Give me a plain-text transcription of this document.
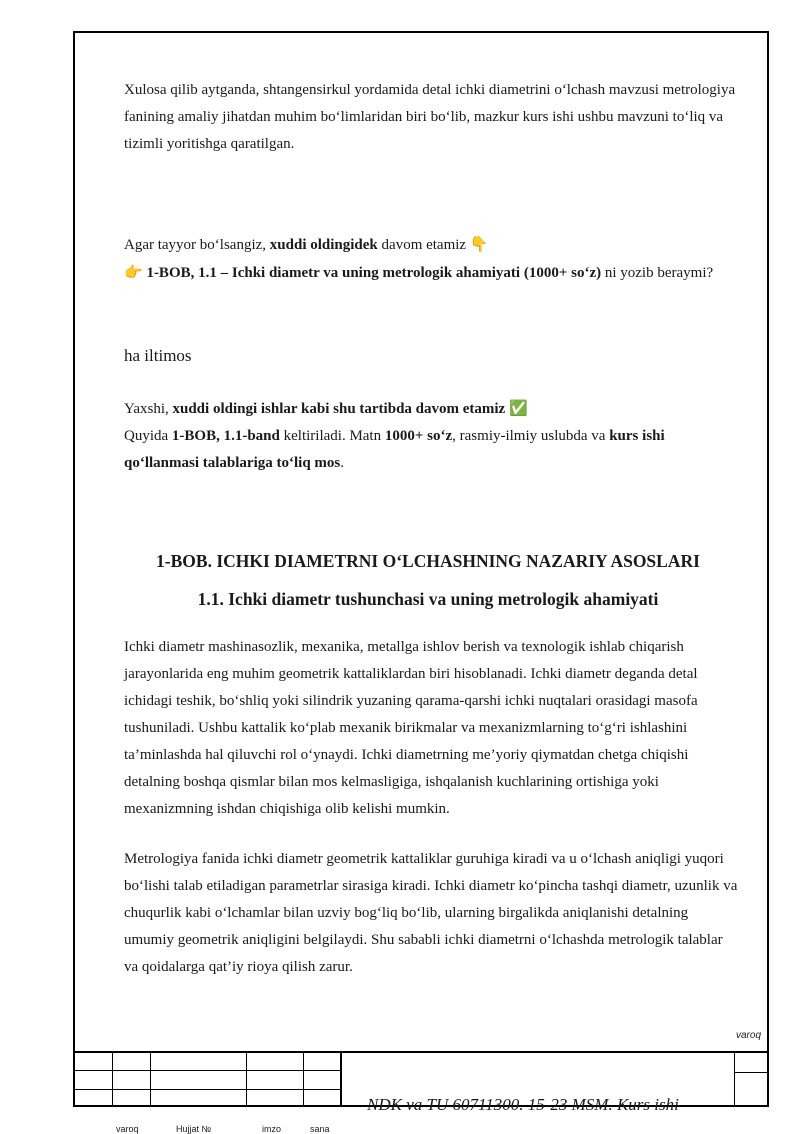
Xulosa qilib aytganda, shtangensirkul yordamida detal ichki diametrini o‘lchash mavzusi metrologiya fanining amaliy jihatdan muhim bo‘limlaridan biri bo‘lib, mazkur kurs ishi ushbu mavzuni to‘liq va tizimli yoritishga qaratilgan.

Agar tayyor bo‘lsangiz, xuddi oldingidek davom etamiz 👇
👉 1-BOB, 1.1 – Ichki diametr va uning metrologik ahamiyati (1000+ so‘z) ni yozib beraymi?

ha iltimos

Yaxshi, xuddi oldingi ishlar kabi shu tartibda davom etamiz ✅
Quyida 1-BOB, 1.1-band keltiriladi. Matn 1000+ so‘z, rasmiy-ilmiy uslubda va kurs ishi qo‘llanmasi talablariga to‘liq mos.

1-BOB. ICHKI DIAMETRNI O‘LCHASHNING NAZARIY ASOSLARI
1.1. Ichki diametr tushunchasi va uning metrologik ahamiyati

Ichki diametr mashinasozlik, mexanika, metallga ishlov berish va texnologik ishlab chiqarish jarayonlarida eng muhim geometrik kattaliklardan biri hisoblanadi. Ichki diametr deganda detal ichidagi teshik, bo‘shliq yoki silindrik yuzaning qarama-qarshi ichki nuqtalari orasidagi masofa tushuniladi. Ushbu kattalik ko‘plab mexanik birikmalar va mexanizmlarning to‘g‘ri ishlashini ta’minlashda hal qiluvchi rol o‘ynaydi. Ichki diametrning me’yoriy qiymatdan chetga chiqishi detalning boshqa qismlar bilan mos kelmasligiga, ishqalanish kuchlarining ortishiga yoki mexanizmning ishdan chiqishiga olib kelishi mumkin.

Metrologiya fanida ichki diametr geometrik kattaliklar guruhiga kiradi va u o‘lchash aniqligi yuqori bo‘lishi talab etiladigan parametrlar sirasiga kiradi. Ichki diametr ko‘pincha tashqi diametr, uzunlik va chuqurlik kabi o‘lchamlar bilan uzviy bog‘liq bo‘lib, ularning birgalikda aniqlanishi detalning umumiy geometrik aniqligini belgilaydi. Shu sababli ichki diametrni o‘lchashda metrologik talablar va qoidalarga qat’iy rioya qilish zarur.

varoq
NDK va TU 60711300. 15-23 MSM. Kurs ishi
varoq	Hujjat №	imzo	sana
